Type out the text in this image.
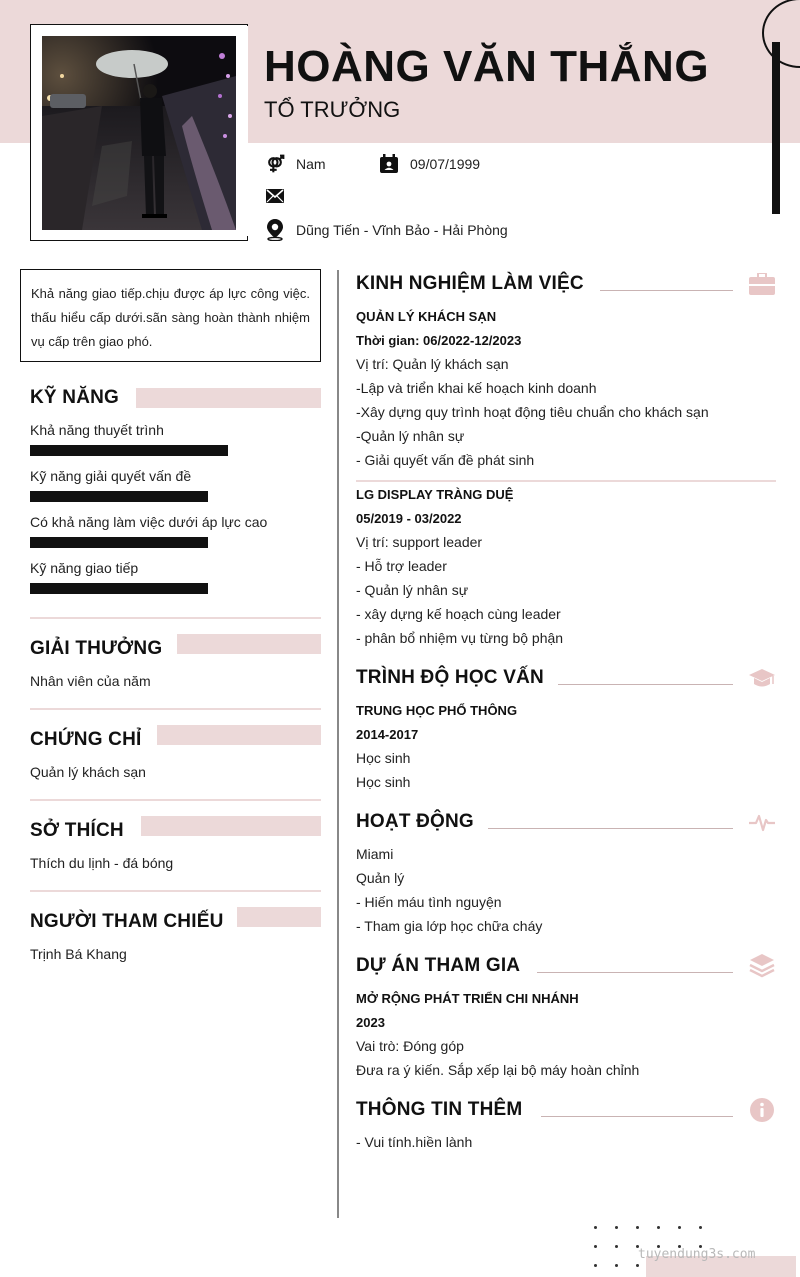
HOÀNG VĂN THẮNG
TỔ TRƯỞNG
Nam	09/07/1999
Dũng Tiến - Vĩnh Bảo - Hải Phòng
Khả năng giao tiếp.chịu được áp lực công việc. thấu hiểu cấp dưới.sãn sàng hoàn thành nhiệm vụ cấp trên giao phó.
KỸ NĂNG
Khả năng thuyết trình
Kỹ năng giải quyết vấn đề
Có khả năng làm việc dưới áp lực cao
Kỹ năng giao tiếp
GIẢI THƯỞNG
Nhân viên của năm
CHỨNG CHỈ
Quản lý khách sạn
SỞ THÍCH
Thích du lịnh - đá bóng
NGƯỜI THAM CHIẾU
Trịnh Bá Khang
KINH NGHIỆM LÀM VIỆC
QUẢN LÝ KHÁCH SẠN
Thời gian: 06/2022-12/2023
Vị trí: Quản lý khách sạn
-Lập và triển khai kế hoạch kinh doanh
-Xây dựng quy trình hoạt động tiêu chuẩn cho khách sạn
-Quản lý nhân sự
- Giải quyết vấn đề phát sinh
LG DISPLAY TRÀNG DUỆ
05/2019 - 03/2022
Vị trí: support leader
- Hỗ trợ leader
- Quản lý nhân sự
- xây dựng kế hoạch cùng leader
- phân bổ nhiệm vụ từng bộ phận
TRÌNH ĐỘ HỌC VẤN
TRUNG HỌC PHỔ THÔNG
2014-2017
Học sinh
Học sinh
HOẠT ĐỘNG
Miami
Quản lý
- Hiến máu tình nguyện
- Tham gia lớp học chữa cháy
DỰ ÁN THAM GIA
MỞ RỘNG PHÁT TRIỂN CHI NHÁNH
2023
Vai trò: Đóng góp
Đưa ra ý kiến. Sắp xếp lại bộ máy hoàn chỉnh
THÔNG TIN THÊM
- Vui tính.hiền lành
tuyendung3s.com
